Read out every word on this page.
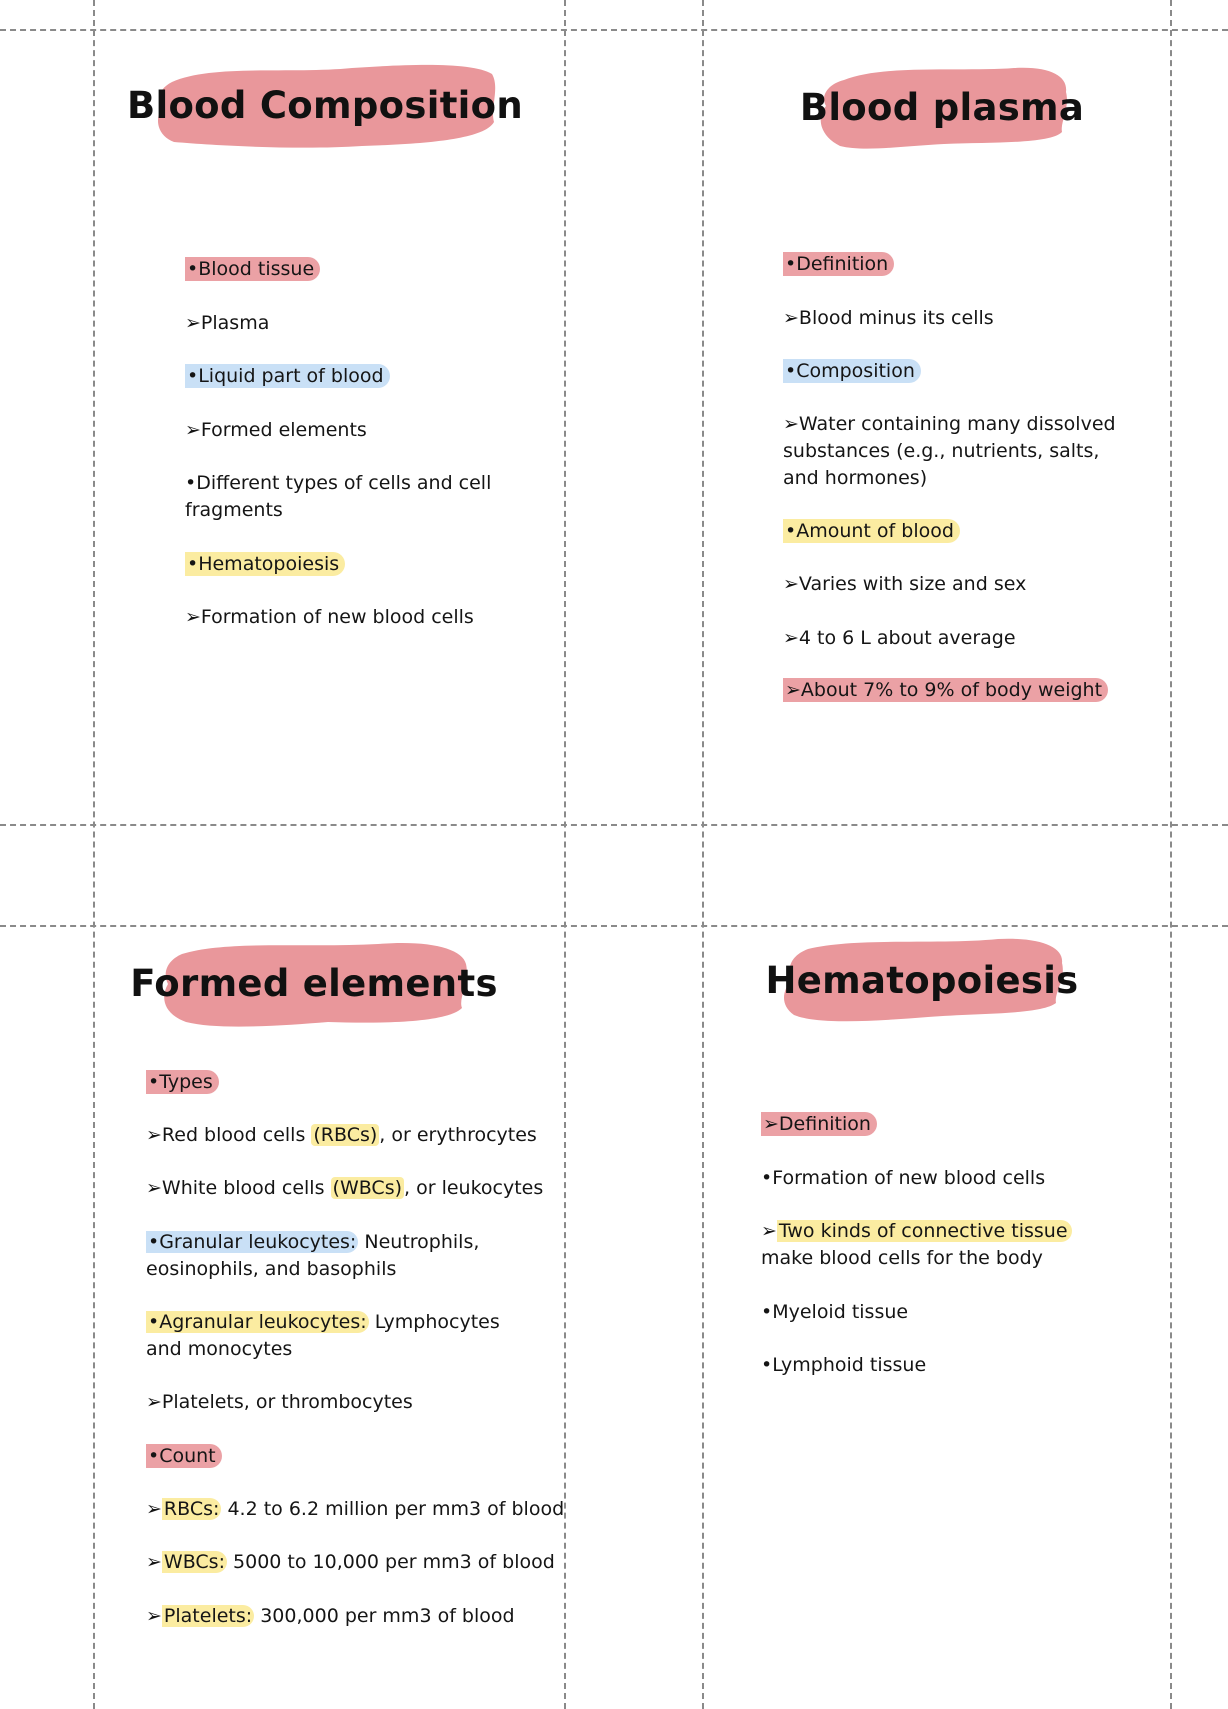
Blood Composition
•Blood tissue
➢Plasma
•Liquid part of blood
➢Formed elements
•Different types of cells and cell fragments
•Hematopoiesis
➢Formation of new blood cells
Blood plasma
•Definition
➢Blood minus its cells
•Composition
➢Water containing many dissolved substances (e.g., nutrients, salts, and hormones)
•Amount of blood
➢Varies with size and sex
➢4 to 6 L about average
➢About 7% to 9% of body weight
Formed elements
•Types
➢Red blood cells (RBCs) , or erythrocytes
➢White blood cells (WBCs) , or leukocytes
•Granular leukocytes: Neutrophils, eosinophils, and basophils
•Agranular leukocytes: Lymphocytes and monocytes
➢Platelets, or thrombocytes
•Count
➢ RBCs: 4.2 to 6.2 million per mm3 of blood
➢ WBCs: 5000 to 10,000 per mm3 of blood
➢ Platelets: 300,000 per mm3 of blood
Hematopoiesis
➢Definition
•Formation of new blood cells
➢ Two kinds of connective tissue make blood cells for the body
•Myeloid tissue
•Lymphoid tissue
